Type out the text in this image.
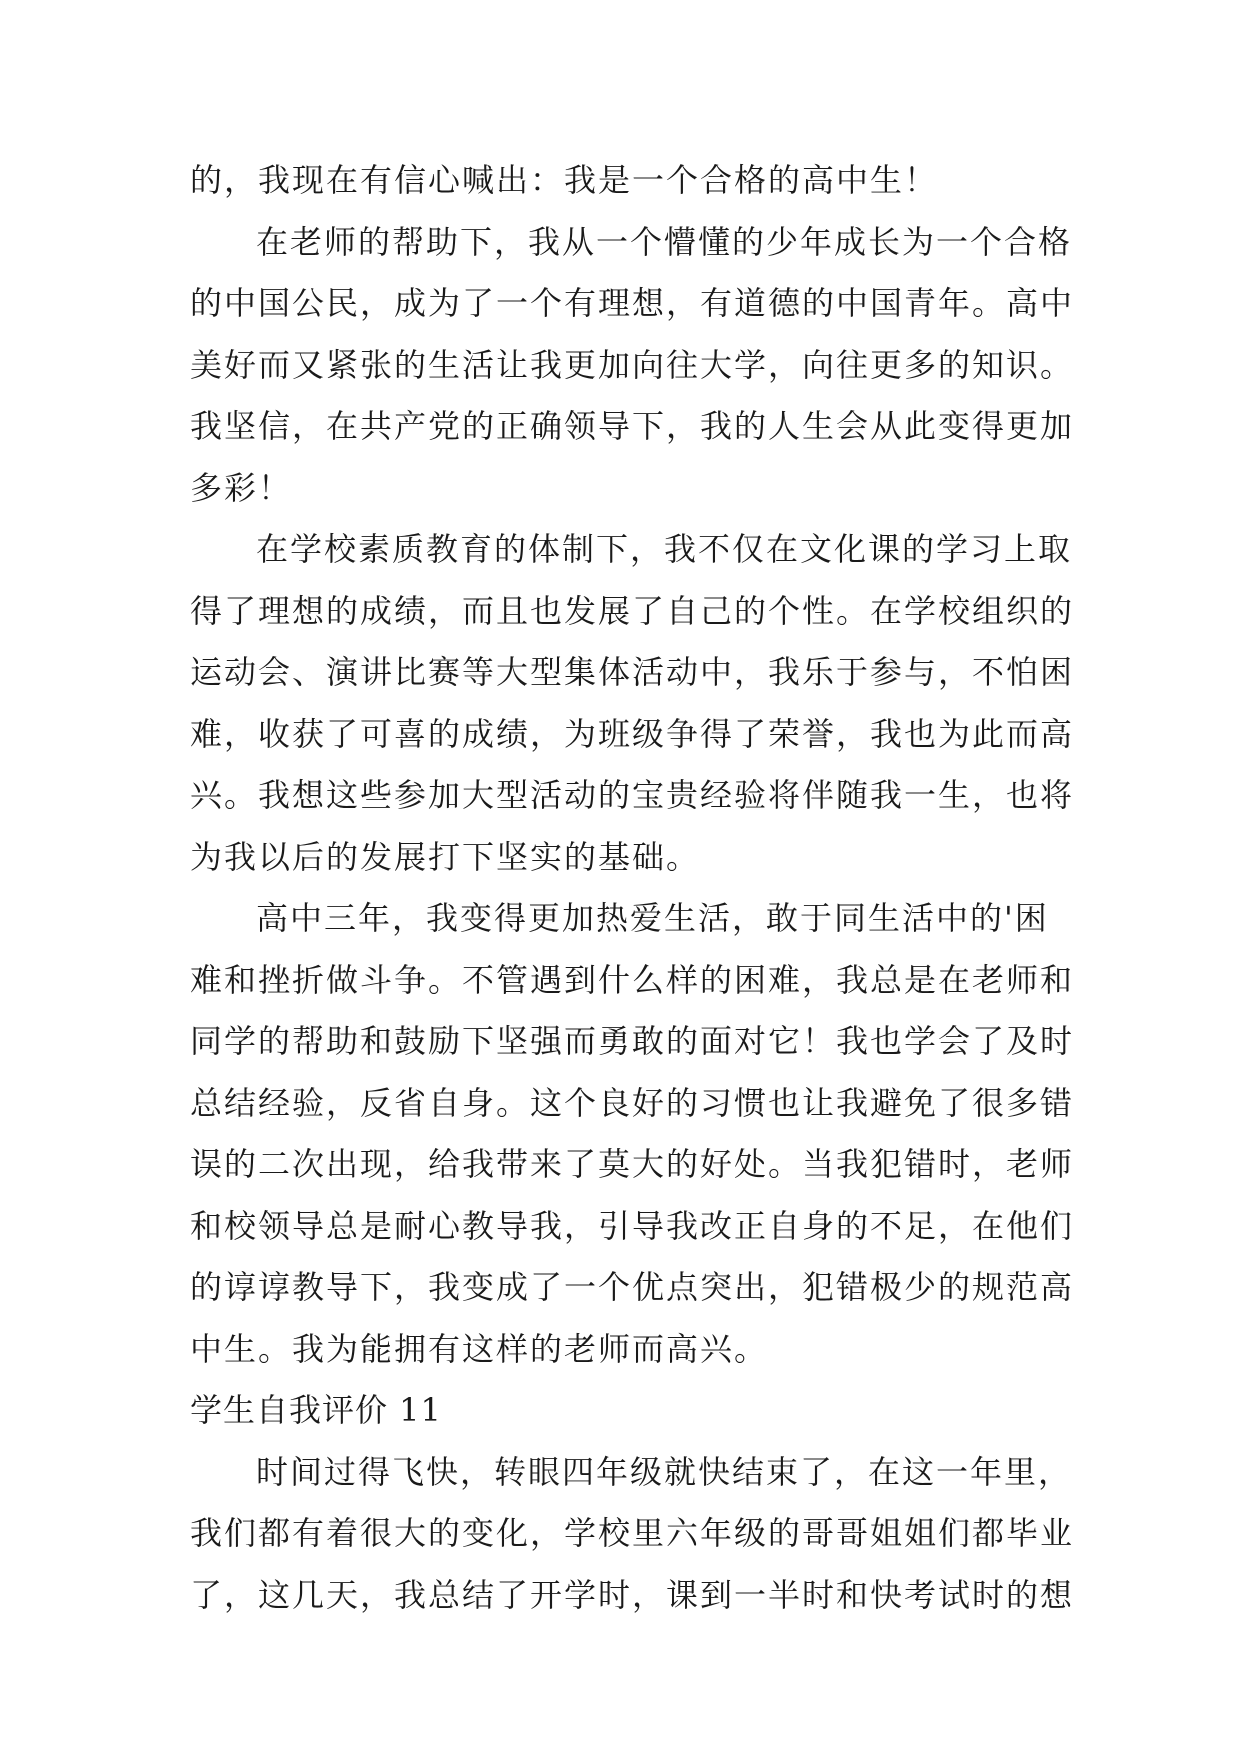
的，我现在有信心喊出：我是一个合格的高中生！
在老师的帮助下，我从一个懵懂的少年成长为一个合格
的中国公民，成为了一个有理想，有道德的中国青年。高中
美好而又紧张的生活让我更加向往大学，向往更多的知识。
我坚信，在共产党的正确领导下，我的人生会从此变得更加
多彩！
在学校素质教育的体制下，我不仅在文化课的学习上取
得了理想的成绩，而且也发展了自己的个性。在学校组织的
运动会、演讲比赛等大型集体活动中，我乐于参与，不怕困
难，收获了可喜的成绩，为班级争得了荣誉，我也为此而高
兴。我想这些参加大型活动的宝贵经验将伴随我一生，也将
为我以后的发展打下坚实的基础。
高中三年，我变得更加热爱生活，敢于同生活中的'困
难和挫折做斗争。不管遇到什么样的困难，我总是在老师和
同学的帮助和鼓励下坚强而勇敢的面对它！我也学会了及时
总结经验，反省自身。这个良好的习惯也让我避免了很多错
误的二次出现，给我带来了莫大的好处。当我犯错时，老师
和校领导总是耐心教导我，引导我改正自身的不足，在他们
的谆谆教导下，我变成了一个优点突出，犯错极少的规范高
中生。我为能拥有这样的老师而高兴。
学生自我评价 11
时间过得飞快，转眼四年级就快结束了，在这一年里，
我们都有着很大的变化，学校里六年级的哥哥姐姐们都毕业
了，这几天，我总结了开学时，课到一半时和快考试时的想
